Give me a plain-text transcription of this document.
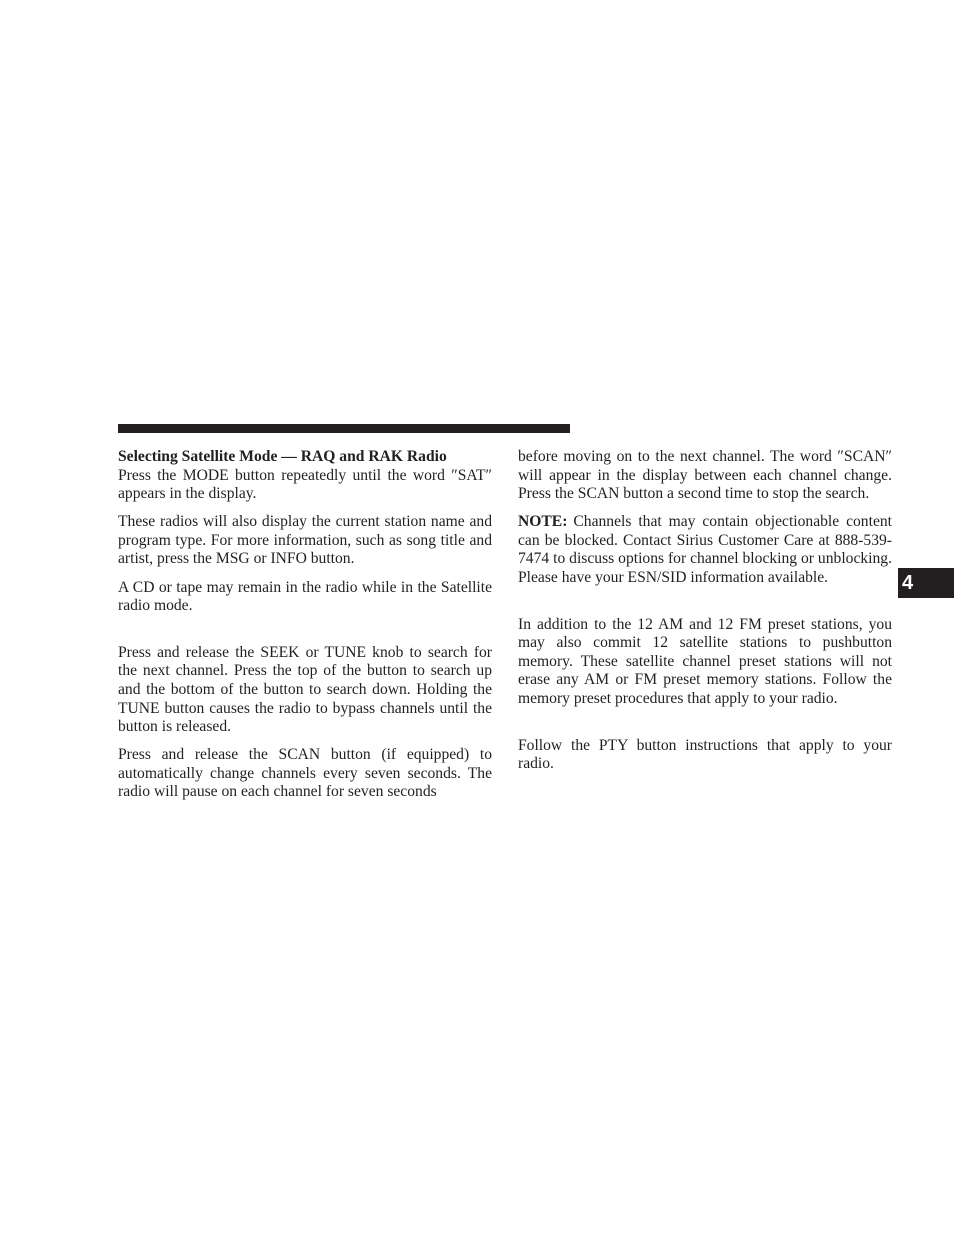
Selecting Satellite Mode — RAQ and RAK Radio
Press the MODE button repeatedly until the word ″SAT″ appears in the display.

These radios will also display the current station name and program type. For more information, such as song title and artist, press the MSG or INFO button.

A CD or tape may remain in the radio while in the Satellite radio mode.

Press and release the SEEK or TUNE knob to search for the next channel. Press the top of the button to search up and the bottom of the button to search down. Holding the TUNE button causes the radio to bypass channels until the button is released.

Press and release the SCAN button (if equipped) to automatically change channels every seven seconds. The radio will pause on each channel for seven seconds

before moving on to the next channel. The word ″SCAN″ will appear in the display between each channel change. Press the SCAN button a second time to stop the search.

NOTE: Channels that may contain objectionable content can be blocked. Contact Sirius Customer Care at 888-539-7474 to discuss options for channel blocking or unblocking. Please have your ESN/SID information available.

In addition to the 12 AM and 12 FM preset stations, you may also commit 12 satellite stations to pushbutton memory. These satellite channel preset stations will not erase any AM or FM preset memory stations. Follow the memory preset procedures that apply to your radio.

Follow the PTY button instructions that apply to your radio.

4
